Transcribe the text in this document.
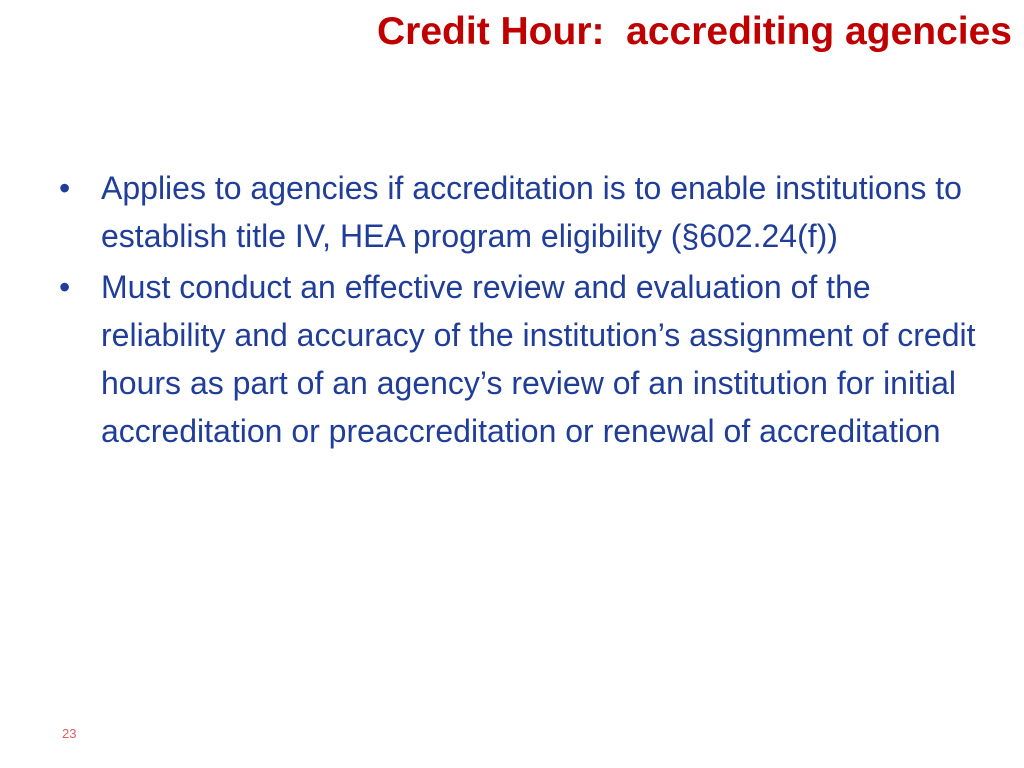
Credit Hour:  accrediting agencies
• Applies to agencies if accreditation is to enable institutions to establish title IV, HEA program eligibility (§602.24(f))
• Must conduct an effective review and evaluation of the reliability and accuracy of the institution’s assignment of credit hours as part of an agency’s review of an institution for initial accreditation or preaccreditation or renewal of accreditation
23
